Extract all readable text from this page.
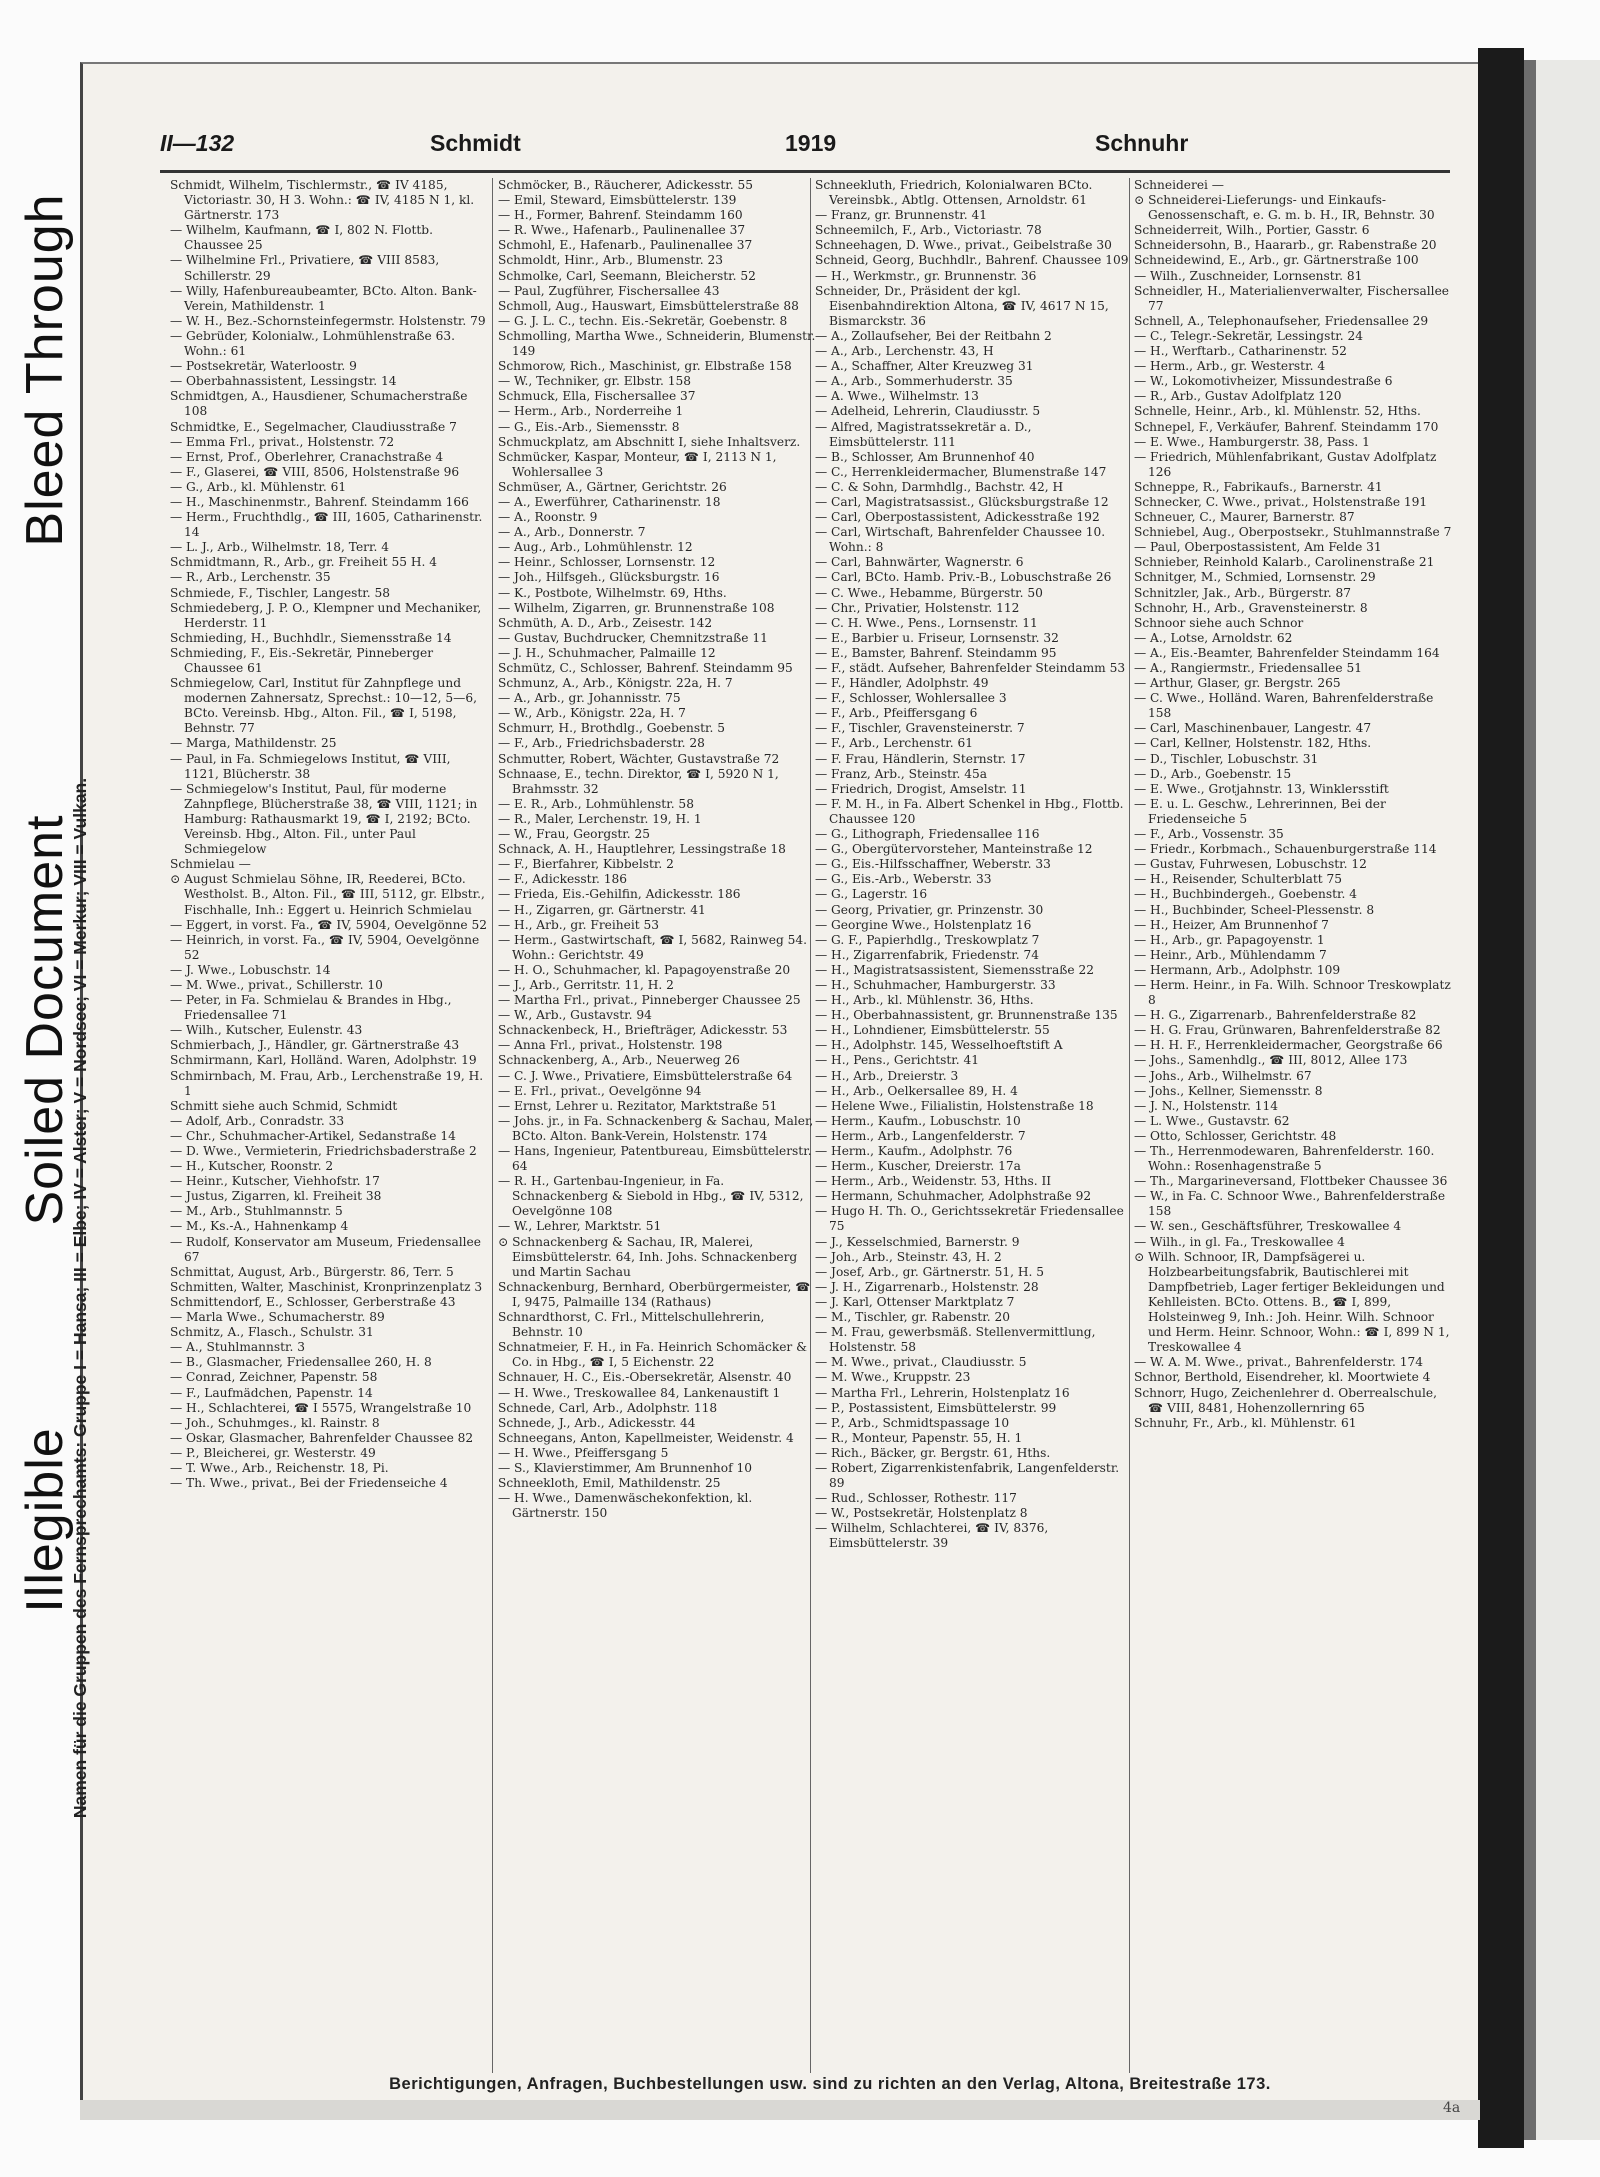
Bleed Through
Soiled Document
Illegible
Namen für die Gruppen des Fernsprechamts: Gruppe I = Hansa; III = Elbe; IV = Alster; V = Nordsee; VI = Merkur; VIII = Vulkan.
II—132	Schmidt	1919	Schnuhr
Schmidt, Wilhelm, Tischlermstr., ☎ IV 4185, Victoriastr. 30, H 3. Wohn.: ☎ IV, 4185 N 1, kl. Gärtnerstr. 173
— Wilhelm, Kaufmann, ☎ I, 802 N. Flottb. Chaussee 25
— Wilhelmine Frl., Privatiere, ☎ VIII 8583, Schillerstr. 29
— Willy, Hafenbureaubeamter, BCto. Alton. Bank-Verein, Mathildenstr. 1
— W. H., Bez.-Schornsteinfegermstr. Holstenstr. 79
— Gebrüder, Kolonialw., Lohmühlenstraße 63. Wohn.: 61
— Postsekretär, Waterloostr. 9
— Oberbahnassistent, Lessingstr. 14
Schmidtgen, A., Hausdiener, Schumacherstraße 108
Schmidtke, E., Segelmacher, Claudiusstraße 7
— Emma Frl., privat., Holstenstr. 72
— Ernst, Prof., Oberlehrer, Cranachstraße 4
— F., Glaserei, ☎ VIII, 8506, Holstenstraße 96
— G., Arb., kl. Mühlenstr. 61
— H., Maschinenmstr., Bahrenf. Steindamm 166
— Herm., Fruchthdlg., ☎ III, 1605, Catharinenstr. 14
— L. J., Arb., Wilhelmstr. 18, Terr. 4
Schmidtmann, R., Arb., gr. Freiheit 55 H. 4
— R., Arb., Lerchenstr. 35
Schmiede, F., Tischler, Langestr. 58
Schmiedeberg, J. P. O., Klempner und Mechaniker, Herderstr. 11
Schmieding, H., Buchhdlr., Siemensstraße 14
Schmieding, F., Eis.-Sekretär, Pinneberger Chaussee 61
Schmiegelow, Carl, Institut für Zahnpflege und modernen Zahnersatz, Sprechst.: 10—12, 5—6, BCto. Vereinsb. Hbg., Alton. Fil., ☎ I, 5198, Behnstr. 77
— Marga, Mathildenstr. 25
— Paul, in Fa. Schmiegelows Institut, ☎ VIII, 1121, Blücherstr. 38
— Schmiegelow's Institut, Paul, für moderne Zahnpflege, Blücherstraße 38, ☎ VIII, 1121; in Hamburg: Rathausmarkt 19, ☎ I, 2192; BCto. Vereinsb. Hbg., Alton. Fil., unter Paul Schmiegelow
Schmielau —
⊙ August Schmielau Söhne, IR, Reederei, BCto. Westholst. B., Alton. Fil., ☎ III, 5112, gr. Elbstr., Fischhalle, Inh.: Eggert u. Heinrich Schmielau
— Eggert, in vorst. Fa., ☎ IV, 5904, Oevelgönne 52
— Heinrich, in vorst. Fa., ☎ IV, 5904, Oevelgönne 52
— J. Wwe., Lobuschstr. 14
— M. Wwe., privat., Schillerstr. 10
— Peter, in Fa. Schmielau & Brandes in Hbg., Friedensallee 71
— Wilh., Kutscher, Eulenstr. 43
Schmierbach, J., Händler, gr. Gärtnerstraße 43
Schmirmann, Karl, Holländ. Waren, Adolphstr. 19
Schmirnbach, M. Frau, Arb., Lerchenstraße 19, H. 1
Schmitt siehe auch Schmid, Schmidt
— Adolf, Arb., Conradstr. 33
— Chr., Schuhmacher-Artikel, Sedanstraße 14
— D. Wwe., Vermieterin, Friedrichsbaderstraße 2
— H., Kutscher, Roonstr. 2
— Heinr., Kutscher, Viehhofstr. 17
— Justus, Zigarren, kl. Freiheit 38
— M., Arb., Stuhlmannstr. 5
— M., Ks.-A., Hahnenkamp 4
— Rudolf, Konservator am Museum, Friedensallee 67
Schmittat, August, Arb., Bürgerstr. 86, Terr. 5
Schmitten, Walter, Maschinist, Kronprinzenplatz 3
Schmittendorf, E., Schlosser, Gerberstraße 43
— Marla Wwe., Schumacherstr. 89
Schmitz, A., Flasch., Schulstr. 31
— A., Stuhlmannstr. 3
— B., Glasmacher, Friedensallee 260, H. 8
— Conrad, Zeichner, Papenstr. 58
— F., Laufmädchen, Papenstr. 14
— H., Schlachterei, ☎ I 5575, Wrangelstraße 10
— Joh., Schuhmges., kl. Rainstr. 8
— Oskar, Glasmacher, Bahrenfelder Chaussee 82
— P., Bleicherei, gr. Westerstr. 49
— T. Wwe., Arb., Reichenstr. 18, Pi.
— Th. Wwe., privat., Bei der Friedenseiche 4
Schmöcker, B., Räucherer, Adickesstr. 55
— Emil, Steward, Eimsbüttelerstr. 139
— H., Former, Bahrenf. Steindamm 160
— R. Wwe., Hafenarb., Paulinenallee 37
Schmohl, E., Hafenarb., Paulinenallee 37
Schmoldt, Hinr., Arb., Blumenstr. 23
Schmolke, Carl, Seemann, Bleicherstr. 52
— Paul, Zugführer, Fischersallee 43
Schmoll, Aug., Hauswart, Eimsbüttelerstraße 88
— G. J. L. C., techn. Eis.-Sekretär, Goebenstr. 8
Schmolling, Martha Wwe., Schneiderin, Blumenstr. 149
Schmorow, Rich., Maschinist, gr. Elbstraße 158
— W., Techniker, gr. Elbstr. 158
Schmuck, Ella, Fischersallee 37
— Herm., Arb., Norderreihe 1
— G., Eis.-Arb., Siemensstr. 8
Schmuckplatz, am Abschnitt I, siehe Inhaltsverz.
Schmücker, Kaspar, Monteur, ☎ I, 2113 N 1, Wohlersallee 3
Schmüser, A., Gärtner, Gerichtstr. 26
— A., Ewerführer, Catharinenstr. 18
— A., Roonstr. 9
— A., Arb., Donnerstr. 7
— Aug., Arb., Lohmühlenstr. 12
— Heinr., Schlosser, Lornsenstr. 12
— Joh., Hilfsgeh., Glücksburgstr. 16
— K., Postbote, Wilhelmstr. 69, Hths.
— Wilhelm, Zigarren, gr. Brunnenstraße 108
Schmüth, A. D., Arb., Zeisestr. 142
— Gustav, Buchdrucker, Chemnitzstraße 11
— J. H., Schuhmacher, Palmaille 12
Schmütz, C., Schlosser, Bahrenf. Steindamm 95
Schmunz, A., Arb., Königstr. 22a, H. 7
— A., Arb., gr. Johannisstr. 75
— W., Arb., Königstr. 22a, H. 7
Schmurr, H., Brothdlg., Goebenstr. 5
— F., Arb., Friedrichsbaderstr. 28
Schmutter, Robert, Wächter, Gustavstraße 72
Schnaase, E., techn. Direktor, ☎ I, 5920 N 1, Brahmsstr. 32
— E. R., Arb., Lohmühlenstr. 58
— R., Maler, Lerchenstr. 19, H. 1
— W., Frau, Georgstr. 25
Schnack, A. H., Hauptlehrer, Lessingstraße 18
— F., Bierfahrer, Kibbelstr. 2
— F., Adickesstr. 186
— Frieda, Eis.-Gehilfin, Adickesstr. 186
— H., Zigarren, gr. Gärtnerstr. 41
— H., Arb., gr. Freiheit 53
— Herm., Gastwirtschaft, ☎ I, 5682, Rainweg 54. Wohn.: Gerichtstr. 49
— H. O., Schuhmacher, kl. Papagoyenstraße 20
— J., Arb., Gerritstr. 11, H. 2
— Martha Frl., privat., Pinneberger Chaussee 25
— W., Arb., Gustavstr. 94
Schnackenbeck, H., Briefträger, Adickesstr. 53
— Anna Frl., privat., Holstenstr. 198
Schnackenberg, A., Arb., Neuerweg 26
— C. J. Wwe., Privatiere, Eimsbüttelerstraße 64
— E. Frl., privat., Oevelgönne 94
— Ernst, Lehrer u. Rezitator, Marktstraße 51
— Johs. jr., in Fa. Schnackenberg & Sachau, Maler, BCto. Alton. Bank-Verein, Holstenstr. 174
— Hans, Ingenieur, Patentbureau, Eimsbüttelerstr. 64
— R. H., Gartenbau-Ingenieur, in Fa. Schnackenberg & Siebold in Hbg., ☎ IV, 5312, Oevelgönne 108
— W., Lehrer, Marktstr. 51
⊙ Schnackenberg & Sachau, IR, Malerei, Eimsbüttelerstr. 64, Inh. Johs. Schnackenberg und Martin Sachau
Schnackenburg, Bernhard, Oberbürgermeister, ☎ I, 9475, Palmaille 134 (Rathaus)
Schnardthorst, C. Frl., Mittelschullehrerin, Behnstr. 10
Schnatmeier, F. H., in Fa. Heinrich Schomäcker & Co. in Hbg., ☎ I, 5 Eichenstr. 22
Schnauer, H. C., Eis.-Obersekretär, Alsenstr. 40
— H. Wwe., Treskowallee 84, Lankenaustift 1
Schnede, Carl, Arb., Adolphstr. 118
Schnede, J., Arb., Adickesstr. 44
Schneegans, Anton, Kapellmeister, Weidenstr. 4
— H. Wwe., Pfeiffersgang 5
— S., Klavierstimmer, Am Brunnenhof 10
Schneekloth, Emil, Mathildenstr. 25
— H. Wwe., Damenwäschekonfektion, kl. Gärtnerstr. 150
Schneekluth, Friedrich, Kolonialwaren BCto. Vereinsbk., Abtlg. Ottensen, Arnoldstr. 61
— Franz, gr. Brunnenstr. 41
Schneemilch, F., Arb., Victoriastr. 78
Schneehagen, D. Wwe., privat., Geibelstraße 30
Schneid, Georg, Buchhdlr., Bahrenf. Chaussee 109
— H., Werkmstr., gr. Brunnenstr. 36
Schneider, Dr., Präsident der kgl. Eisenbahndirektion Altona, ☎ IV, 4617 N 15, Bismarckstr. 36
— A., Zollaufseher, Bei der Reitbahn 2
— A., Arb., Lerchenstr. 43, H
— A., Schaffner, Alter Kreuzweg 31
— A., Arb., Sommerhuderstr. 35
— A. Wwe., Wilhelmstr. 13
— Adelheid, Lehrerin, Claudiusstr. 5
— Alfred, Magistratssekretär a. D., Eimsbüttelerstr. 111
— B., Schlosser, Am Brunnenhof 40
— C., Herrenkleidermacher, Blumenstraße 147
— C. & Sohn, Darmhdlg., Bachstr. 42, H
— Carl, Magistratsassist., Glücksburgstraße 12
— Carl, Oberpostassistent, Adickesstraße 192
— Carl, Wirtschaft, Bahrenfelder Chaussee 10. Wohn.: 8
— Carl, Bahnwärter, Wagnerstr. 6
— Carl, BCto. Hamb. Priv.-B., Lobuschstraße 26
— C. Wwe., Hebamme, Bürgerstr. 50
— Chr., Privatier, Holstenstr. 112
— C. H. Wwe., Pens., Lornsenstr. 11
— E., Barbier u. Friseur, Lornsenstr. 32
— E., Bamster, Bahrenf. Steindamm 95
— F., städt. Aufseher, Bahrenfelder Steindamm 53
— F., Händler, Adolphstr. 49
— F., Schlosser, Wohlersallee 3
— F., Arb., Pfeiffersgang 6
— F., Tischler, Gravensteinerstr. 7
— F., Arb., Lerchenstr. 61
— F. Frau, Händlerin, Sternstr. 17
— Franz, Arb., Steinstr. 45a
— Friedrich, Drogist, Amselstr. 11
— F. M. H., in Fa. Albert Schenkel in Hbg., Flottb. Chaussee 120
— G., Lithograph, Friedensallee 116
— G., Obergütervorsteher, Manteinstraße 12
— G., Eis.-Hilfsschaffner, Weberstr. 33
— G., Eis.-Arb., Weberstr. 33
— G., Lagerstr. 16
— Georg, Privatier, gr. Prinzenstr. 30
— Georgine Wwe., Holstenplatz 16
— G. F., Papierhdlg., Treskowplatz 7
— H., Zigarrenfabrik, Friedenstr. 74
— H., Magistratsassistent, Siemensstraße 22
— H., Schuhmacher, Hamburgerstr. 33
— H., Arb., kl. Mühlenstr. 36, Hths.
— H., Oberbahnassistent, gr. Brunnenstraße 135
— H., Lohndiener, Eimsbüttelerstr. 55
— H., Adolphstr. 145, Wesselhoeftstift A
— H., Pens., Gerichtstr. 41
— H., Arb., Dreierstr. 3
— H., Arb., Oelkersallee 89, H. 4
— Helene Wwe., Filialistin, Holstenstraße 18
— Herm., Kaufm., Lobuschstr. 10
— Herm., Arb., Langenfelderstr. 7
— Herm., Kaufm., Adolphstr. 76
— Herm., Kuscher, Dreierstr. 17a
— Herm., Arb., Weidenstr. 53, Hths. II
— Hermann, Schuhmacher, Adolphstraße 92
— Hugo H. Th. O., Gerichtssekretär Friedensallee 75
— J., Kesselschmied, Barnerstr. 9
— Joh., Arb., Steinstr. 43, H. 2
— Josef, Arb., gr. Gärtnerstr. 51, H. 5
— J. H., Zigarrenarb., Holstenstr. 28
— J. Karl, Ottenser Marktplatz 7
— M., Tischler, gr. Rabenstr. 20
— M. Frau, gewerbsmäß. Stellenvermittlung, Holstenstr. 58
— M. Wwe., privat., Claudiusstr. 5
— M. Wwe., Kruppstr. 23
— Martha Frl., Lehrerin, Holstenplatz 16
— P., Postassistent, Eimsbüttelerstr. 99
— P., Arb., Schmidtspassage 10
— R., Monteur, Papenstr. 55, H. 1
— Rich., Bäcker, gr. Bergstr. 61, Hths.
— Robert, Zigarrenkistenfabrik, Langenfelderstr. 89
— Rud., Schlosser, Rothestr. 117
— W., Postsekretär, Holstenplatz 8
— Wilhelm, Schlachterei, ☎ IV, 8376, Eimsbüttelerstr. 39
Schneiderei —
⊙ Schneiderei-Lieferungs- und Einkaufs-Genossenschaft, e. G. m. b. H., IR, Behnstr. 30
Schneiderreit, Wilh., Portier, Gasstr. 6
Schneidersohn, B., Haararb., gr. Rabenstraße 20
Schneidewind, E., Arb., gr. Gärtnerstraße 100
— Wilh., Zuschneider, Lornsenstr. 81
Schneidler, H., Materialienverwalter, Fischersallee 77
Schnell, A., Telephonaufseher, Friedensallee 29
— C., Telegr.-Sekretär, Lessingstr. 24
— H., Werftarb., Catharinenstr. 52
— Herm., Arb., gr. Westerstr. 4
— W., Lokomotivheizer, Missundestraße 6
— R., Arb., Gustav Adolfplatz 120
Schnelle, Heinr., Arb., kl. Mühlenstr. 52, Hths.
Schnepel, F., Verkäufer, Bahrenf. Steindamm 170
— E. Wwe., Hamburgerstr. 38, Pass. 1
— Friedrich, Mühlenfabrikant, Gustav Adolfplatz 126
Schneppe, R., Fabrikaufs., Barnerstr. 41
Schnecker, C. Wwe., privat., Holstenstraße 191
Schneuer, C., Maurer, Barnerstr. 87
Schniebel, Aug., Oberpostsekr., Stuhlmannstraße 7
— Paul, Oberpostassistent, Am Felde 31
Schnieber, Reinhold Kalarb., Carolinenstraße 21
Schnitger, M., Schmied, Lornsenstr. 29
Schnitzler, Jak., Arb., Bürgerstr. 87
Schnohr, H., Arb., Gravensteinerstr. 8
Schnoor siehe auch Schnor
— A., Lotse, Arnoldstr. 62
— A., Eis.-Beamter, Bahrenfelder Steindamm 164
— A., Rangiermstr., Friedensallee 51
— Arthur, Glaser, gr. Bergstr. 265
— C. Wwe., Holländ. Waren, Bahrenfelderstraße 158
— Carl, Maschinenbauer, Langestr. 47
— Carl, Kellner, Holstenstr. 182, Hths.
— D., Tischler, Lobuschstr. 31
— D., Arb., Goebenstr. 15
— E. Wwe., Grotjahnstr. 13, Winklersstift
— E. u. L. Geschw., Lehrerinnen, Bei der Friedenseiche 5
— F., Arb., Vossenstr. 35
— Friedr., Korbmach., Schauenburgerstraße 114
— Gustav, Fuhrwesen, Lobuschstr. 12
— H., Reisender, Schulterblatt 75
— H., Buchbindergeh., Goebenstr. 4
— H., Buchbinder, Scheel-Plessenstr. 8
— H., Heizer, Am Brunnenhof 7
— H., Arb., gr. Papagoyenstr. 1
— Heinr., Arb., Mühlendamm 7
— Hermann, Arb., Adolphstr. 109
— Herm. Heinr., in Fa. Wilh. Schnoor Treskowplatz 8
— H. G., Zigarrenarb., Bahrenfelderstraße 82
— H. G. Frau, Grünwaren, Bahrenfelderstraße 82
— H. H. F., Herrenkleidermacher, Georgstraße 66
— Johs., Samenhdlg., ☎ III, 8012, Allee 173
— Johs., Arb., Wilhelmstr. 67
— Johs., Kellner, Siemensstr. 8
— J. N., Holstenstr. 114
— L. Wwe., Gustavstr. 62
— Otto, Schlosser, Gerichtstr. 48
— Th., Herrenmodewaren, Bahrenfelderstr. 160. Wohn.: Rosenhagenstraße 5
— Th., Margarineversand, Flottbeker Chaussee 36
— W., in Fa. C. Schnoor Wwe., Bahrenfelderstraße 158
— W. sen., Geschäftsführer, Treskowallee 4
— Wilh., in gl. Fa., Treskowallee 4
⊙ Wilh. Schnoor, IR, Dampfsägerei u. Holzbearbeitungsfabrik, Bautischlerei mit Dampfbetrieb, Lager fertiger Bekleidungen und Kehlleisten. BCto. Ottens. B., ☎ I, 899, Holsteinweg 9, Inh.: Joh. Heinr. Wilh. Schnoor und Herm. Heinr. Schnoor, Wohn.: ☎ I, 899 N 1, Treskowallee 4
— W. A. M. Wwe., privat., Bahrenfelderstr. 174
Schnor, Berthold, Eisendreher, kl. Moortwiete 4
Schnorr, Hugo, Zeichenlehrer d. Oberrealschule, ☎ VIII, 8481, Hohenzollernring 65
Schnuhr, Fr., Arb., kl. Mühlenstr. 61
Berichtigungen, Anfragen, Buchbestellungen usw. sind zu richten an den Verlag, Altona, Breitestraße 173.
4a
